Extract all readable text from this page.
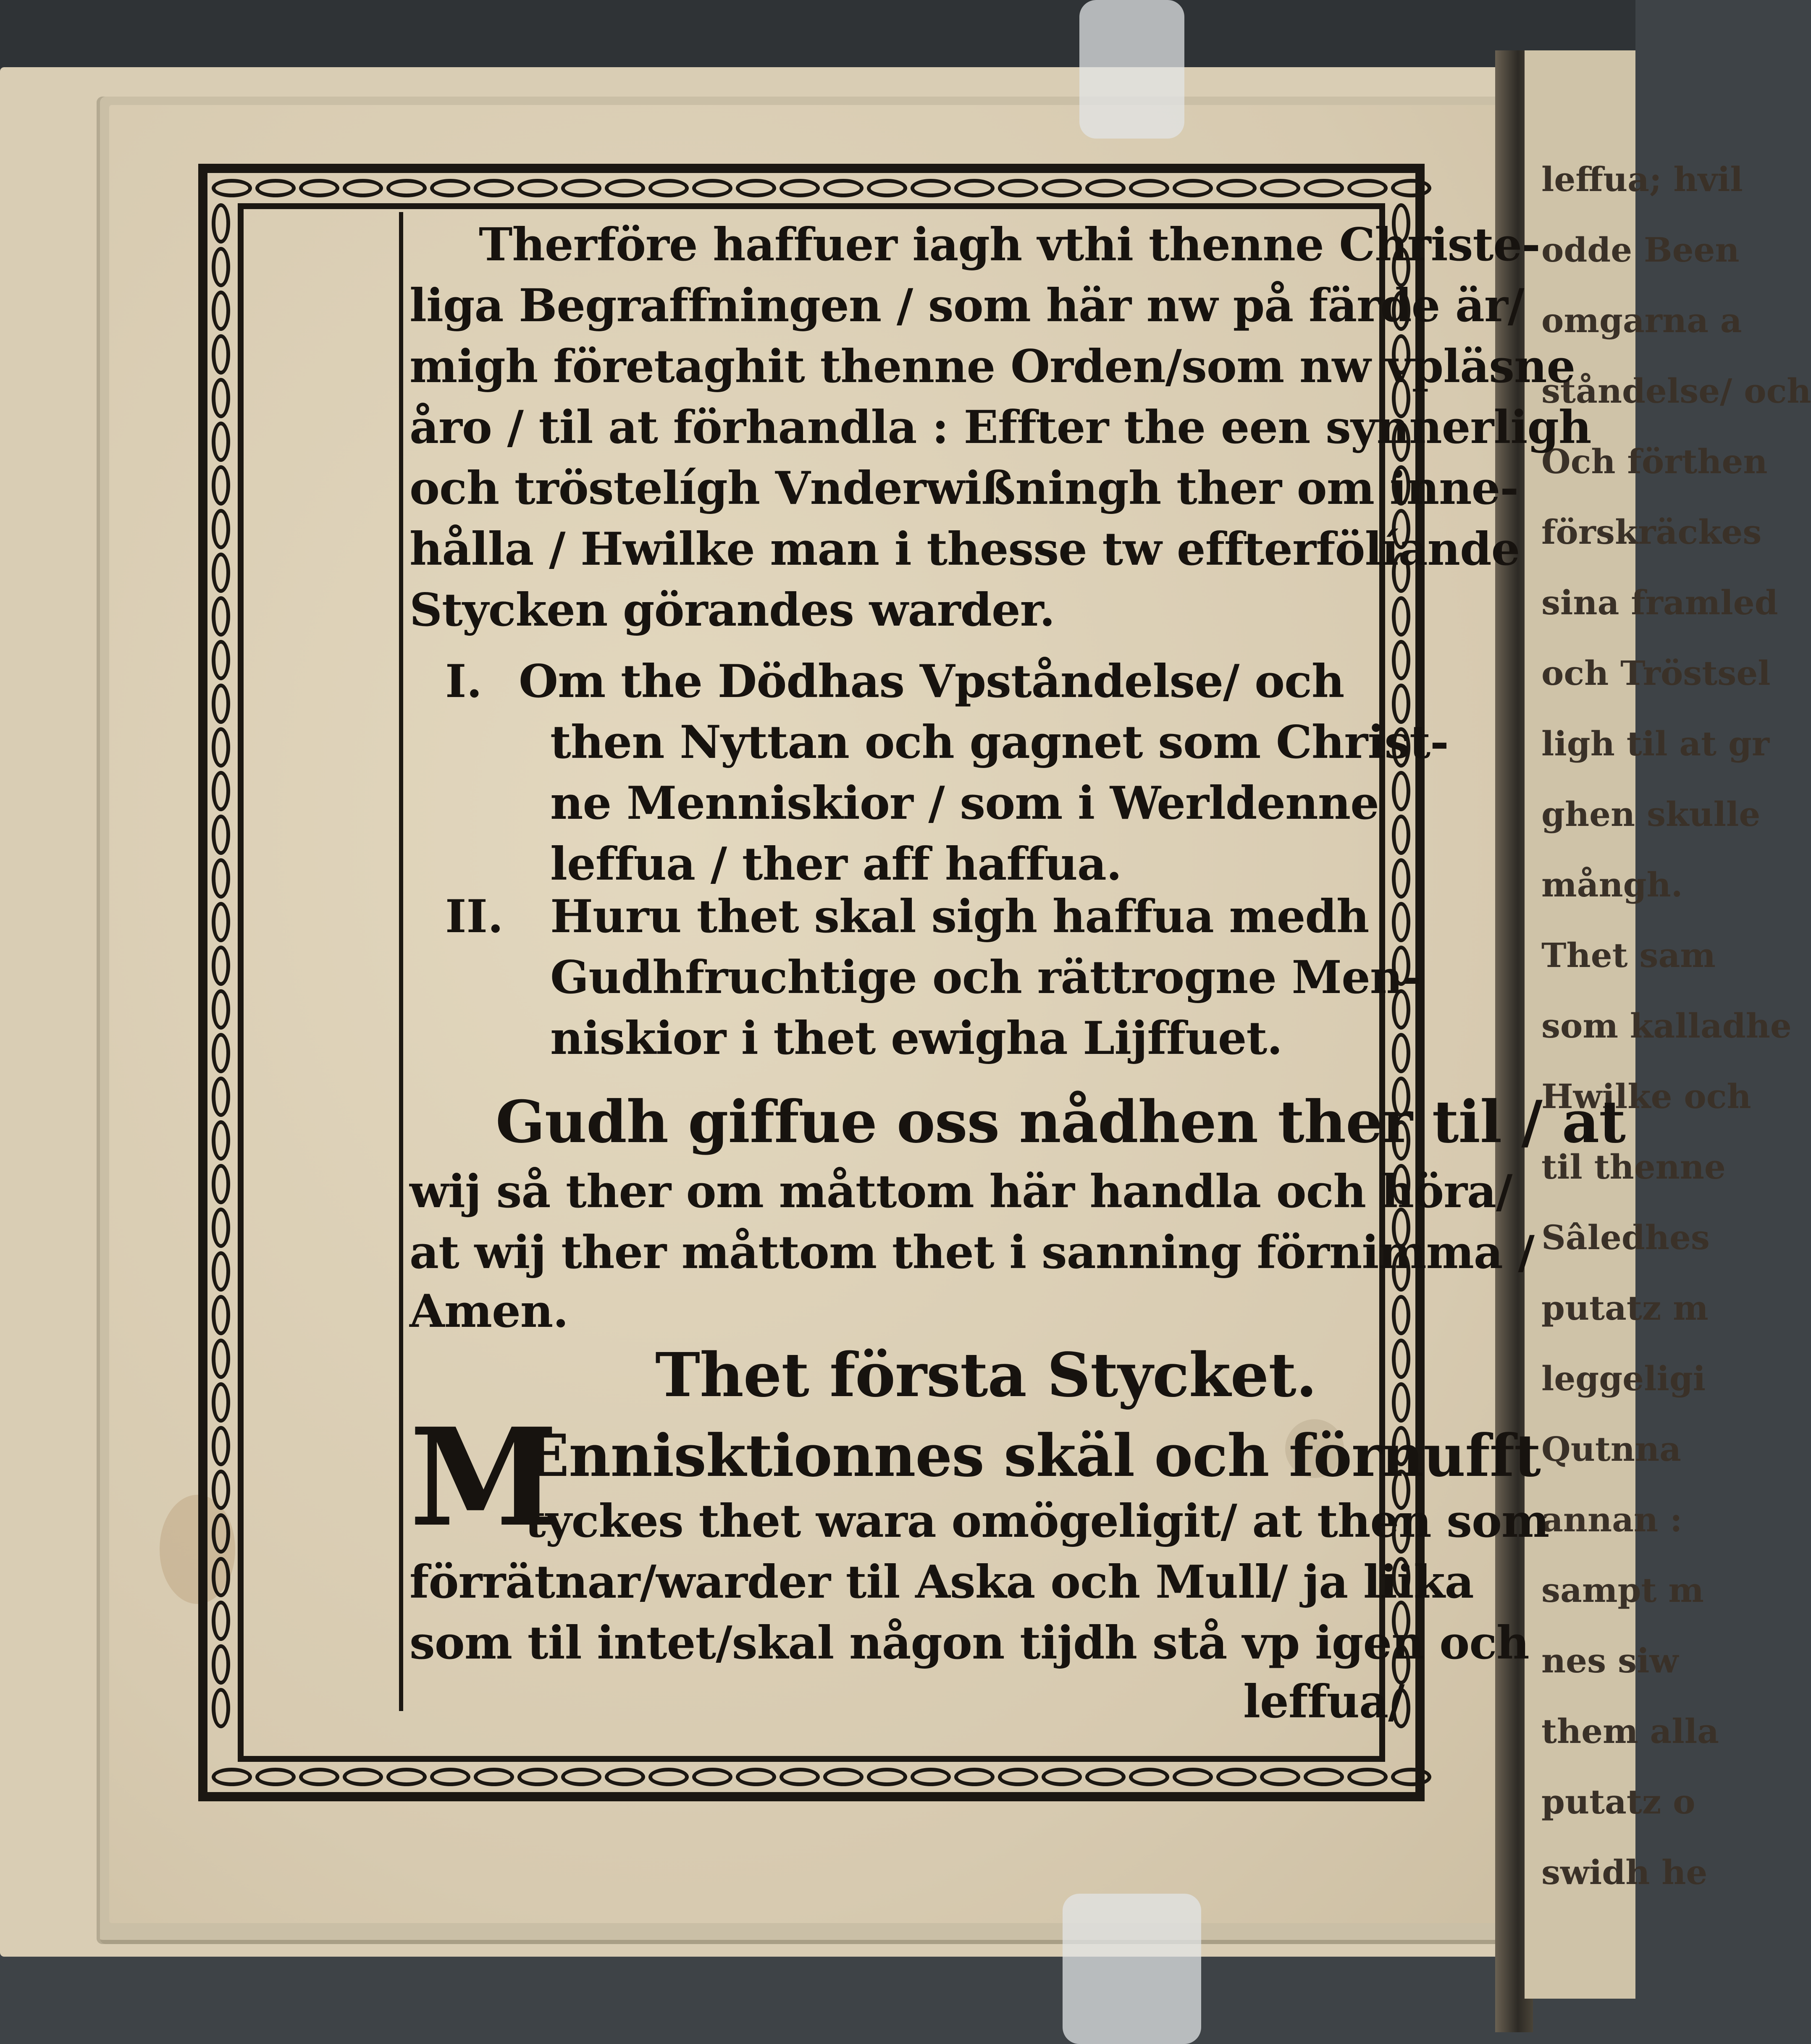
leffua; hvil
odde Been
omgarna a
ståndelse/ och
Och förthen
förskräckes
sina framled
och Tröstsel
ligh til at gr
ghen skulle
mångh.
Thet sam
som kalladhe
Hwilke och
til thenne
Sâledhes
putatz m
leggeligi
Qutnna
annan :
sampt m
nes siw
them alla
putatz o
swidh he
Therföre haffuer iagh vthi thenne Christe-
liga Begraffningen / som här nw på färde är/
migh företaghit thenne Orden/som nw vpläsne
åro / til at förhandla : Effter the een synnerligh
och tröstelígh Vnderwißningh ther om inne-
hålla / Hwilke man i thesse tw effterfölíande
Stycken görandes warder.
I. Om the Dödhas Vpståndelse/ och
then Nyttan och gagnet som Christ-
ne Menniskior / som i Werldenne
leffua / ther aff haffua.
II. Huru thet skal sigh haffua medh
Gudhfruchtige och rättrogne Men-
niskior i thet ewigha Lijffuet.
Gudh giffue oss nådhen ther til / at
wij så ther om måttom här handla och höra/
at wij ther måttom thet i sanning förnimma /
Amen.
Thet första Stycket.
M
Ennisktionnes skäl och förnufft
tyckes thet wara omögeligit/ at then som
förrätnar/warder til Aska och Mull/ ja liika
som til intet/skal någon tijdh stå vp igen och
leffua/
